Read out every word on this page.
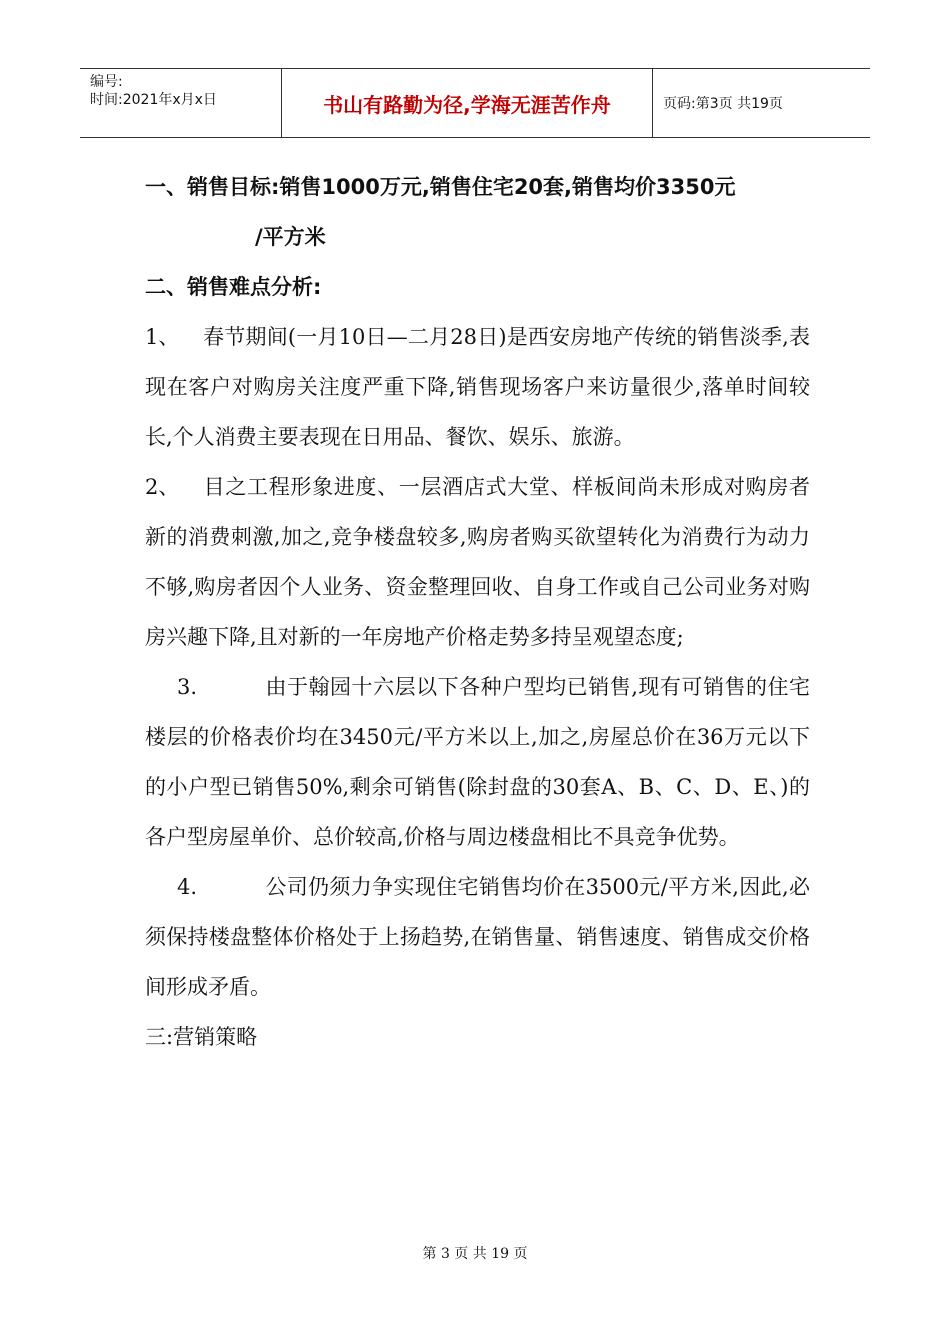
编号:
时间:2021年x月x日	书山有路勤为径,学海无涯苦作舟	页码:第3页 共19页

一、销售目标:销售1000万元,销售住宅20套,销售均价3350元

/平方米

二、销售难点分析:

1、 春节期间(一月10日—二月28日)是西安房地产传统的销售淡季,表现在客户对购房关注度严重下降,销售现场客户来访量很少,落单时间较长,个人消费主要表现在日用品、餐饮、娱乐、旅游。

2、 目之工程形象进度、一层酒店式大堂、样板间尚未形成对购房者新的消费刺激,加之,竞争楼盘较多,购房者购买欲望转化为消费行为动力不够,购房者因个人业务、资金整理回收、自身工作或自己公司业务对购房兴趣下降,且对新的一年房地产价格走势多持呈观望态度;

3.	由于翰园十六层以下各种户型均已销售,现有可销售的住宅楼层的价格表价均在3450元/平方米以上,加之,房屋总价在36万元以下的小户型已销售50%,剩余可销售(除封盘的30套A、B、C、D、E、)的各户型房屋单价、总价较高,价格与周边楼盘相比不具竞争优势。

4.	公司仍须力争实现住宅销售均价在3500元/平方米,因此,必须保持楼盘整体价格处于上扬趋势,在销售量、销售速度、销售成交价格间形成矛盾。

三:营销策略

第 3 页 共 19 页
